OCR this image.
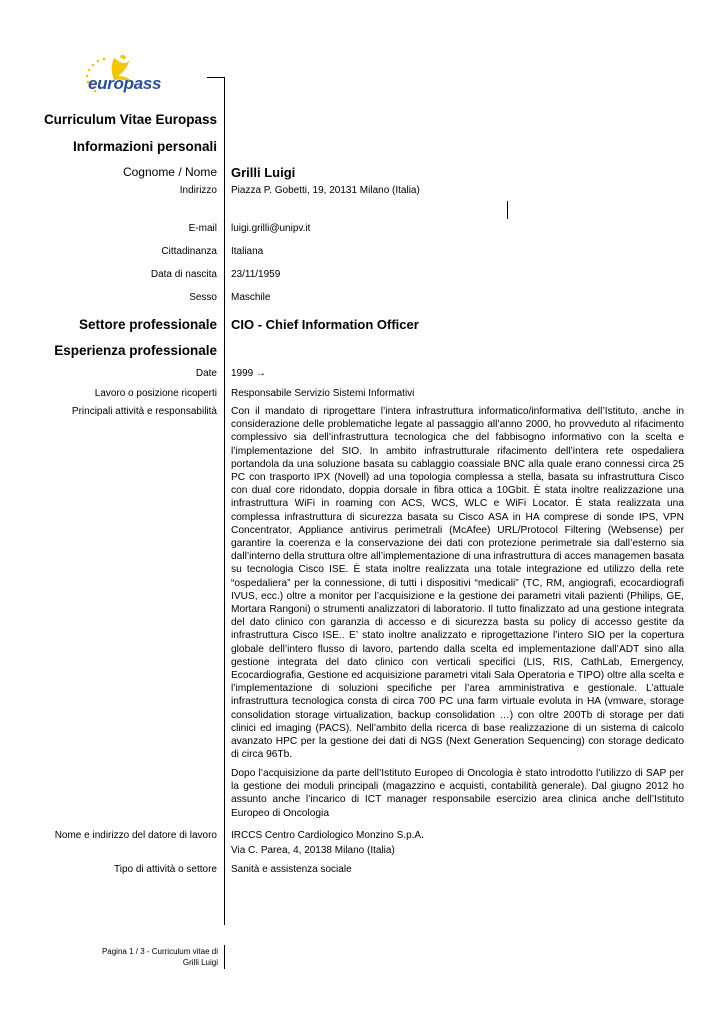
europass
Curriculum Vitae Europass
Informazioni personali
Cognome / Nome Grilli Luigi
Indirizzo Piazza P. Gobetti, 19, 20131 Milano (Italia)
E-mail luigi.grilli@unipv.it
Cittadinanza Italiana
Data di nascita 23/11/1959
Sesso Maschile
Settore professionale CIO - Chief Information Officer
Esperienza professionale
Date 1999 →
Lavoro o posizione ricoperti Responsabile Servizio Sistemi Informativi
Principali attività e responsabilità Con il mandato di riprogettare l’intera infrastruttura informatico/informativa dell’Istituto, anche in considerazione delle problematiche legate al passaggio all’anno 2000, ho provveduto al rifacimento complessivo sia dell’infrastruttura tecnologica che del fabbisogno informativo con la scelta e l’implementazione del SIO. In ambito infrastrutturale rifacimento dell’intera rete ospedaliera portandola da una soluzione basata su cablaggio coassiale BNC alla quale erano connessi circa 25 PC con trasporto IPX (Novell) ad una topologia complessa a stella, basata su infrastruttura Cisco con dual core ridondato, doppia dorsale in fibra ottica a 10Gbit. È stata inoltre realizzazione una infrastruttura WiFi in roaming con ACS, WCS, WLC e WiFi Locator. È stata realizzata una complessa infrastruttura di sicurezza basata su Cisco ASA in HA comprese di sonde IPS, VPN Concentrator, Appliance antivirus perimetrali (McAfee) URL/Protocol Filtering (Websense) per garantire la coerenza e la conservazione dei dati con protezione perimetrale sia dall’esterno sia dall’interno della struttura oltre all’implementazione di una infrastruttura di acces managemen basata su tecnologia Cisco ISE. È stata inoltre realizzata una totale integrazione ed utilizzo della rete “ospedaliera” per la connessione, di tutti i dispositivi “medicali” (TC, RM, angiografi, ecocardiografi IVUS, ecc.) oltre a monitor per l’acquisizione e la gestione dei parametri vitali pazienti (Philips, GE, Mortara Rangoni) o strumenti analizzatori di laboratorio. Il tutto finalizzato ad una gestione integrata del dato clinico con garanzia di accesso e di sicurezza basta su policy di accesso gestite da infrastruttura Cisco ISE.. E’ stato inoltre analizzato e riprogettazione l’intero SIO per la copertura globale dell’intero flusso di lavoro, partendo dalla scelta ed implementazione dall’ADT sino alla gestione integrata del dato clinico con verticali specifici (LIS, RIS, CathLab, Emergency, Ecocardiografia, Gestione ed acquisizione parametri vitali Sala Operatoria e TIPO) oltre alla scelta e l’implementazione di soluzioni specifiche per l’area amministrativa e gestionale. L’attuale infrastruttura tecnologica consta di circa 700 PC una farm virtuale evoluta in HA (vmware, storage consolidation storage virtualization, backup consolidation …) con oltre 200Tb di storage per dati clinici ed imaging (PACS). Nell’ambito della ricerca di base realizzazione di un sistema di calcolo avanzato HPC per la gestione dei dati di NGS (Next Generation Sequencing) con storage dedicato di circa 96Tb.
Dopo l’acquisizione da parte dell’Istituto Europeo di Oncologia è stato introdotto l’utilizzo di SAP per la gestione dei moduli principali (magazzino e acquisti, contabilità generale). Dal giugno 2012 ho assunto anche l’incarico di ICT manager responsabile esercizio area clinica anche dell’Istituto Europeo di Oncologia
Nome e indirizzo del datore di lavoro IRCCS Centro Cardiologico Monzino S.p.A.
Via C. Parea, 4, 20138 Milano (Italia)
Tipo di attività o settore Sanità e assistenza sociale
Pagina 1 / 3 - Curriculum vitae di
Grilli Luigi
